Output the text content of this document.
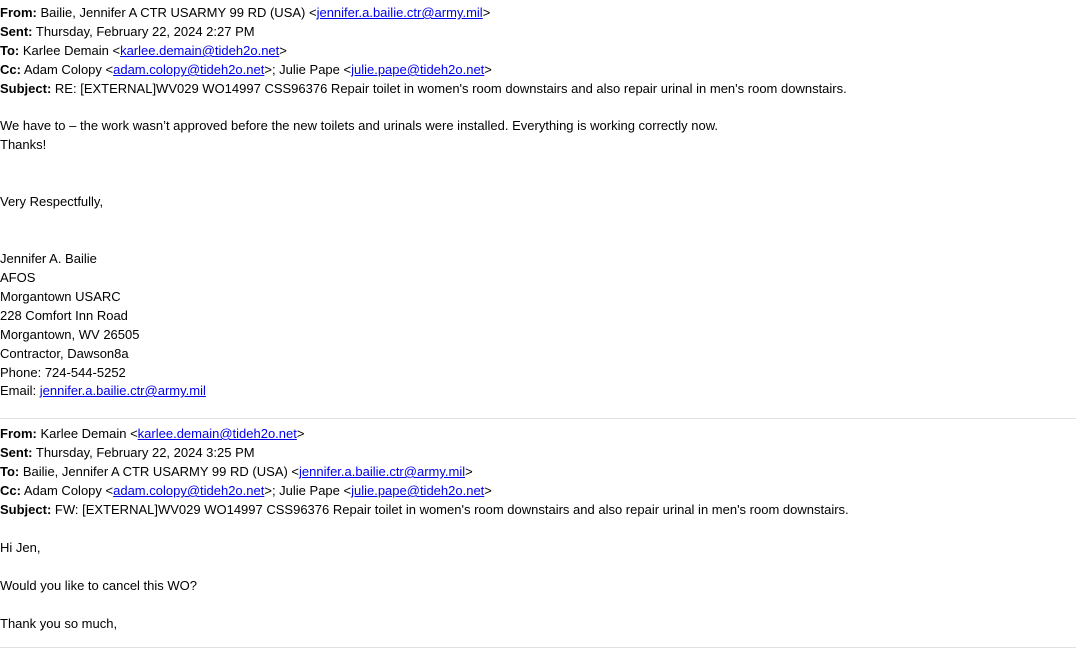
From: Bailie, Jennifer A CTR USARMY 99 RD (USA) <jennifer.a.bailie.ctr@army.mil>
Sent: Thursday, February 22, 2024 2:27 PM
To: Karlee Demain <karlee.demain@tideh2o.net>
Cc: Adam Colopy <adam.colopy@tideh2o.net>; Julie Pape <julie.pape@tideh2o.net>
Subject: RE: [EXTERNAL]WV029 WO14997 CSS96376 Repair toilet in women's room downstairs and also repair urinal in men's room downstairs.
We have to – the work wasn’t approved before the new toilets and urinals were installed. Everything is working correctly now.
Thanks!
Very Respectfully,
Jennifer A. Bailie
AFOS
Morgantown USARC
228 Comfort Inn Road
Morgantown, WV 26505
Contractor, Dawson8a
Phone: 724-544-5252
Email: jennifer.a.bailie.ctr@army.mil
From: Karlee Demain <karlee.demain@tideh2o.net>
Sent: Thursday, February 22, 2024 3:25 PM
To: Bailie, Jennifer A CTR USARMY 99 RD (USA) <jennifer.a.bailie.ctr@army.mil>
Cc: Adam Colopy <adam.colopy@tideh2o.net>; Julie Pape <julie.pape@tideh2o.net>
Subject: FW: [EXTERNAL]WV029 WO14997 CSS96376 Repair toilet in women's room downstairs and also repair urinal in men's room downstairs.
Hi Jen,
Would you like to cancel this WO?
Thank you so much,
